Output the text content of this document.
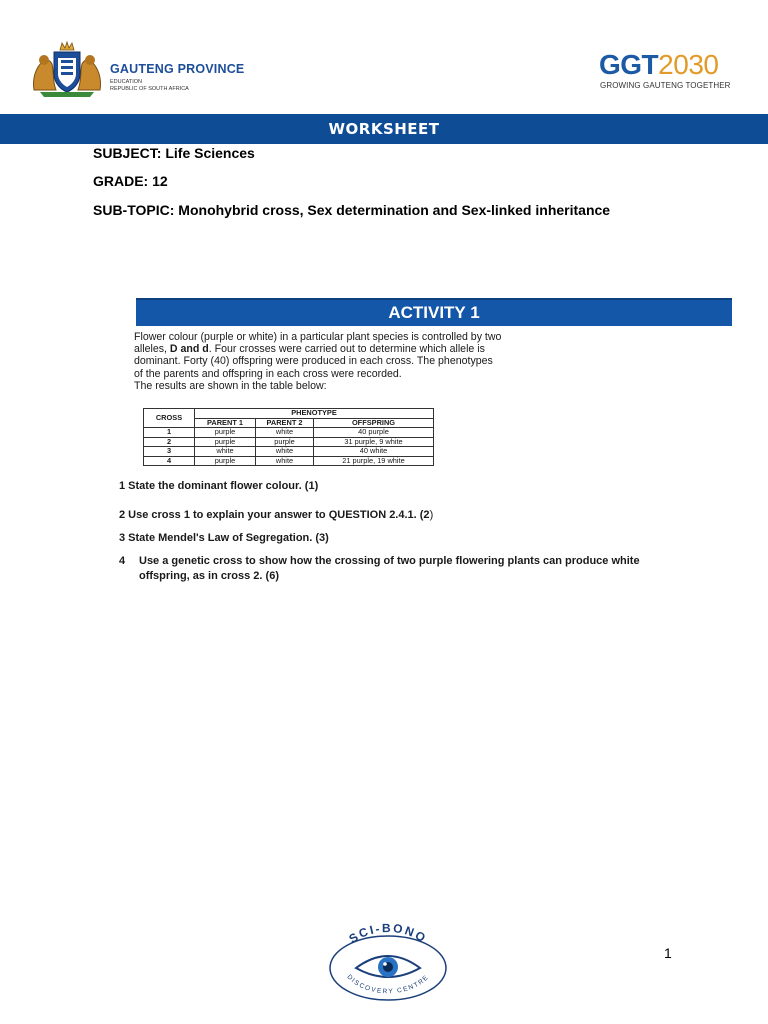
GAUTENG PROVINCE
EDUCATION
REPUBLIC OF SOUTH AFRICA
GGT2030
GROWING GAUTENG TOGETHER
WORKSHEET
SUBJECT: Life Sciences
GRADE: 12
SUB-TOPIC: Monohybrid cross, Sex determination and Sex-linked inheritance
ACTIVITY 1

Flower colour (purple or white) in a particular plant species is controlled by two alleles, D and d. Four crosses were carried out to determine which allele is dominant. Forty (40) offspring were produced in each cross. The phenotypes of the parents and offspring in each cross were recorded.

The results are shown in the table below:

CROSS	PHENOTYPE		
	PARENT 1	PARENT 2	OFFSPRING
1	purple	white	40 purple
2	purple	purple	31 purple, 9 white
3	white	white	40 white
4	purple	white	21 purple, 19 white
1 State the dominant flower colour. (1)
2 Use cross 1 to explain your answer to QUESTION 2.4.1. (2)
3 State Mendel's Law of Segregation. (3)
4 Use a genetic cross to show how the crossing of two purple flowering plants can produce white
offspring, as in cross 2. (6)
SCI-BONO
DISCOVERY CENTRE
1
